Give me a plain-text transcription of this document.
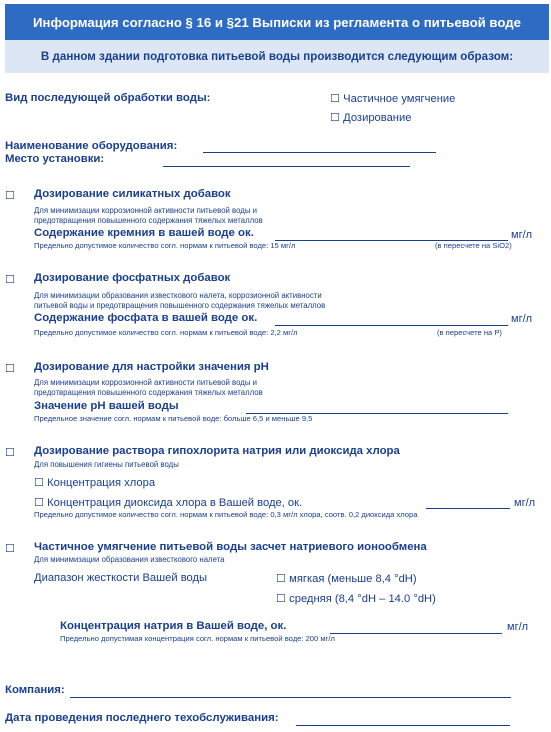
Информация согласно § 16 и §21 Выписки из регламента о питьевой воде
В данном здании подготовка питьевой воды производится следующим образом:
Вид последующей обработки воды:	☐ Частичное умягчение
☐ Дозирование
Наименование оборудования:
Место установки:
☐ Дозирование силикатных добавок
Для минимизации коррозионной активности питьевой воды и
предотвращения повышенного содержания тяжелых металлов
Содержание кремния в вашей воде ок.	мг/л
Предельно допустимое количество согл. нормам к питьевой воде: 15 мг/л	(в пересчете на SiO2)
☐ Дозирование фосфатных добавок
Для минимизации образования известкового налета, коррозионной активности
питьевой воды и предотвращения повышенного содержания тяжелых металлов
Содержание фосфата в вашей воде ок.	мг/л
Предельно допустимое количество согл. нормам к питьевой воде: 2,2 мг/л	(в пересчете на P)
☐ Дозирование для настройки значения pH
Для минимизации коррозионной активности питьевой воды и
предотвращения повышенного содержания тяжелых металлов
Значение pH вашей воды
Предельное значение согл. нормам к питьевой воде: больше 6,5 и меньше 9,5
☐ Дозирование раствора гипохлорита натрия или диоксида хлора
Для повышения гигиены питьевой воды
☐ Концентрация хлора
☐ Концентрация диоксида хлора в Вашей воде, ок.	мг/л
Предельно допустимое количество согл. нормам к питьевой воде: 0,3 мг/л хлора, соотв. 0,2 диоксида хлора
☐ Частичное умягчение питьевой воды засчет натриевого ионообмена
Для минимизации образования известкового налета
Диапазон жесткости Вашей воды	☐ мягкая (меньше 8,4 °dH)
☐ средняя (8,4 °dH – 14.0 °dH)
Концентрация натрия в Вашей воде, ок.	мг/л
Предельно допустимая концентрация согл. нормам к питьевой воде: 200 мг/л
Компания:
Дата проведения последнего техобслуживания:
